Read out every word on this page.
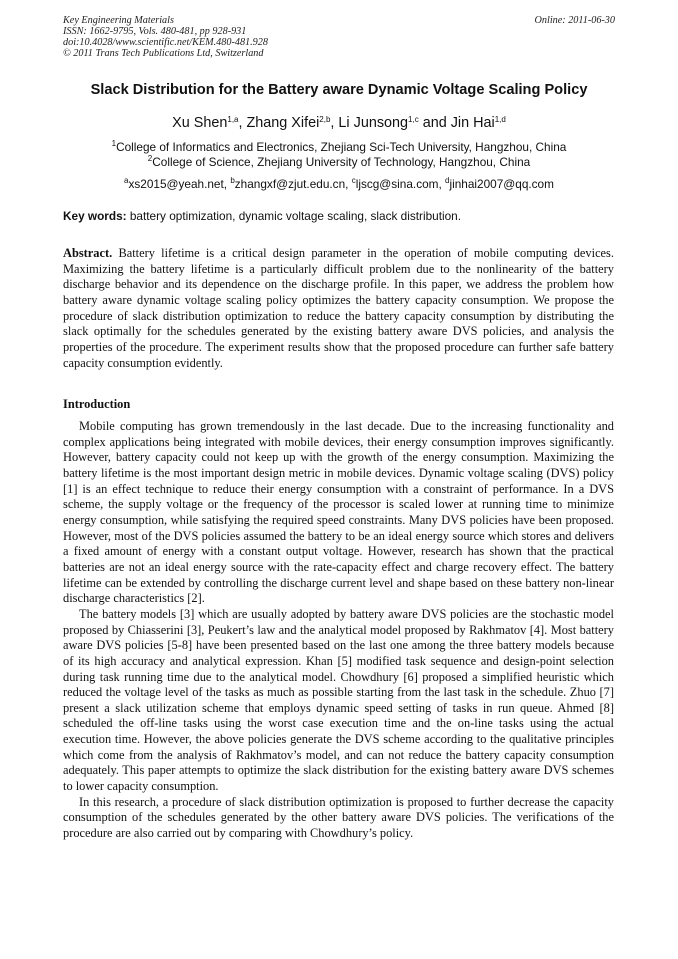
Key Engineering Materials
ISSN: 1662-9795, Vols. 480-481, pp 928-931
doi:10.4028/www.scientific.net/KEM.480-481.928
© 2011 Trans Tech Publications Ltd, Switzerland
Online: 2011-06-30
Slack Distribution for the Battery aware Dynamic Voltage Scaling Policy
Xu Shen$^{1,a}$, Zhang Xifei$^{2,b}$, Li Junsong$^{1,c}$ and Jin Hai$^{1,d}$
$^1$College of Informatics and Electronics, Zhejiang Sci-Tech University, Hangzhou, China
$^2$College of Science, Zhejiang University of Technology, Hangzhou, China
$^a$xs2015@yeah.net, $^b$zhangxf@zjut.edu.cn, $^c$ljscg@sina.com, $^d$jinhai2007@qq.com
Key words: battery optimization, dynamic voltage scaling, slack distribution.
Abstract. Battery lifetime is a critical design parameter in the operation of mobile computing devices. Maximizing the battery lifetime is a particularly difficult problem due to the nonlinearity of the battery discharge behavior and its dependence on the discharge profile. In this paper, we address the problem how battery aware dynamic voltage scaling policy optimizes the battery capacity consumption. We propose the procedure of slack distribution optimization to reduce the battery capacity consumption by distributing the slack optimally for the schedules generated by the existing battery aware DVS policies, and analysis the properties of the procedure. The experiment results show that the proposed procedure can further safe battery capacity consumption evidently.
Introduction

Mobile computing has grown tremendously in the last decade. Due to the increasing functionality and complex applications being integrated with mobile devices, their energy consumption improves significantly. However, battery capacity could not keep up with the growth of the energy consumption. Maximizing the battery lifetime is the most important design metric in mobile devices. Dynamic voltage scaling (DVS) policy [1] is an effect technique to reduce their energy consumption with a constraint of performance. In a DVS scheme, the supply voltage or the frequency of the processor is scaled lower at running time to minimize energy consumption, while satisfying the required speed constraints. Many DVS policies have been proposed. However, most of the DVS policies assumed the battery to be an ideal energy source which stores and delivers a fixed amount of energy with a constant output voltage. However, research has shown that the practical batteries are not an ideal energy source with the rate-capacity effect and charge recovery effect. The battery lifetime can be extended by controlling the discharge current level and shape based on these battery non-linear discharge characteristics [2].

The battery models [3] which are usually adopted by battery aware DVS policies are the stochastic model proposed by Chiasserini [3], Peukert’s law and the analytical model proposed by Rakhmatov [4]. Most battery aware DVS policies [5-8] have been presented based on the last one among the three battery models because of its high accuracy and analytical expression. Khan [5] modified task sequence and design-point selection during task running time due to the analytical model. Chowdhury [6] proposed a simplified heuristic which reduced the voltage level of the tasks as much as possible starting from the last task in the schedule. Zhuo [7] present a slack utilization scheme that employs dynamic speed setting of tasks in run queue. Ahmed [8] scheduled the off-line tasks using the worst case execution time and the on-line tasks using the actual execution time. However, the above policies generate the DVS scheme according to the qualitative principles which come from the analysis of Rakhmatov’s model, and can not reduce the battery capacity consumption adequately. This paper attempts to optimize the slack distribution for the existing battery aware DVS schemes to lower capacity consumption.

In this research, a procedure of slack distribution optimization is proposed to further decrease the capacity consumption of the schedules generated by the other battery aware DVS policies. The verifications of the procedure are also carried out by comparing with Chowdhury’s policy.
